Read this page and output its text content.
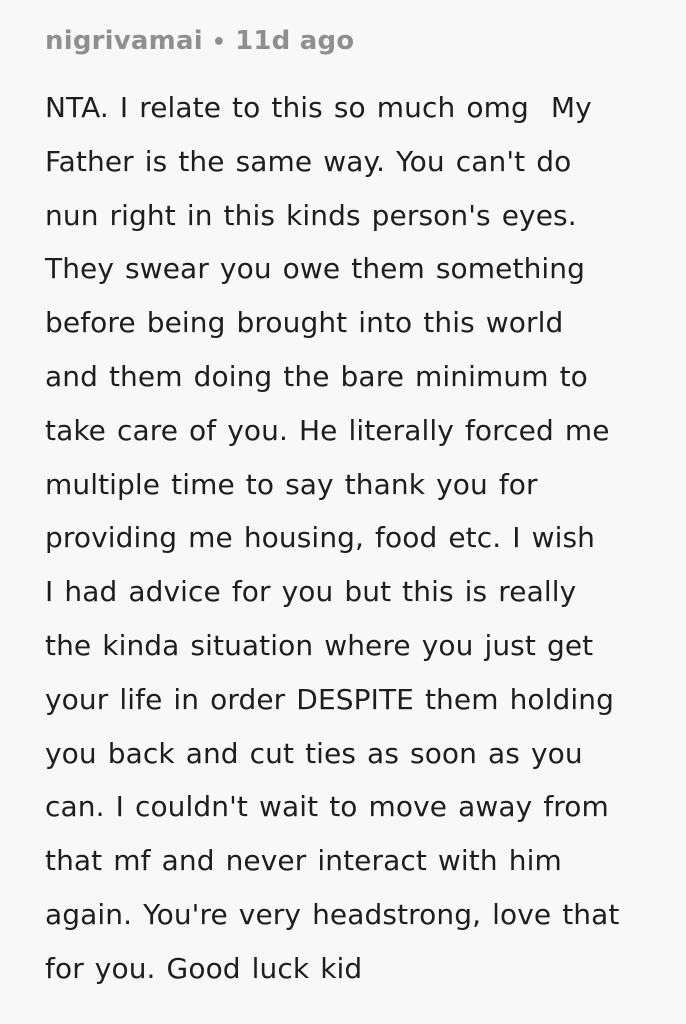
nigrivamai • 11d ago
NTA. I relate to this so much omg  My
Father is the same way. You can't do
nun right in this kinds person's eyes.
They swear you owe them something
before being brought into this world
and them doing the bare minimum to
take care of you. He literally forced me
multiple time to say thank you for
providing me housing, food etc. I wish
I had advice for you but this is really
the kinda situation where you just get
your life in order DESPITE them holding
you back and cut ties as soon as you
can. I couldn't wait to move away from
that mf and never interact with him
again. You're very headstrong, love that
for you. Good luck kid
